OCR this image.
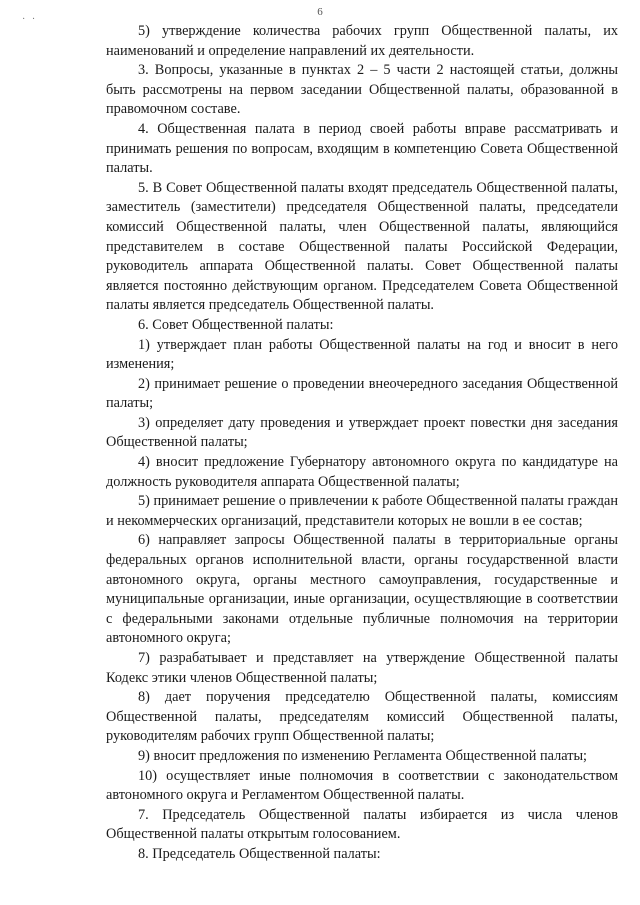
· ·
6

5) утверждение количества рабочих групп Общественной палаты, их наименований и определение направлений их деятельности.

3. Вопросы, указанные в пунктах 2 – 5 части 2 настоящей статьи, должны быть рассмотрены на первом заседании Общественной палаты, образованной в правомочном составе.

4. Общественная палата в период своей работы вправе рассматривать и принимать решения по вопросам, входящим в компетенцию Совета Общественной палаты.

5. В Совет Общественной палаты входят председатель Общественной палаты, заместитель (заместители) председателя Общественной палаты, председатели комиссий Общественной палаты, член Общественной палаты, являющийся представителем в составе Общественной палаты Российской Федерации, руководитель аппарата Общественной палаты. Совет Общественной палаты является постоянно действующим органом. Председателем Совета Общественной палаты является председатель Общественной палаты.

6. Совет Общественной палаты:

1) утверждает план работы Общественной палаты на год и вносит в него изменения;

2) принимает решение о проведении внеочередного заседания Общественной палаты;

3) определяет дату проведения и утверждает проект повестки дня заседания Общественной палаты;

4) вносит предложение Губернатору автономного округа по кандидатуре на должность руководителя аппарата Общественной палаты;

5) принимает решение о привлечении к работе Общественной палаты граждан и некоммерческих организаций, представители которых не вошли в ее состав;

6) направляет запросы Общественной палаты в территориальные органы федеральных органов исполнительной власти, органы государственной власти автономного округа, органы местного самоуправления, государственные и муниципальные организации, иные организации, осуществляющие в соответствии с федеральными законами отдельные публичные полномочия на территории автономного округа;

7) разрабатывает и представляет на утверждение Общественной палаты Кодекс этики членов Общественной палаты;

8) дает поручения председателю Общественной палаты, комиссиям Общественной палаты, председателям комиссий Общественной палаты, руководителям рабочих групп Общественной палаты;

9) вносит предложения по изменению Регламента Общественной палаты;

10) осуществляет иные полномочия в соответствии с законодательством автономного округа и Регламентом Общественной палаты.

7. Председатель Общественной палаты избирается из числа членов Общественной палаты открытым голосованием.

8. Председатель Общественной палаты:
